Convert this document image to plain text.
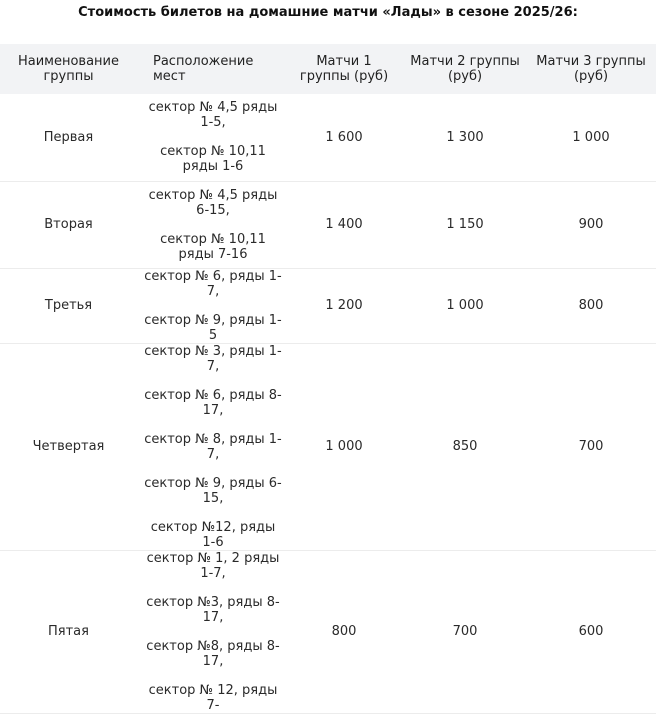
Стоимость билетов на домашние матчи «Лады» в сезоне 2025/26:
Наименование группы	Расположение мест	Матчи 1 группы (руб)	Матчи 2 группы (руб)	Матчи 3 группы (руб)
Первая	сектор № 4,5 ряды 1-5,
сектор № 10,11 ряды 1-6	1 600	1 300	1 000
Вторая	сектор № 4,5 ряды 6-15,
сектор № 10,11 ряды 7-16	1 400	1 150	900
Третья	сектор № 6, ряды 1-7,
сектор № 9, ряды 1-5	1 200	1 000	800
Четвертая	сектор № 3, ряды 1-7,
сектор № 6, ряды 8-17,
сектор № 8, ряды 1-7,
сектор № 9, ряды 6-15,
сектор №12, ряды 1-6	1 000	850	700
Пятая	сектор № 1, 2 ряды 1-7,
сектор №3, ряды 8-17,
сектор №8, ряды 8-17,
сектор № 12, ряды 7-	800	700	600
